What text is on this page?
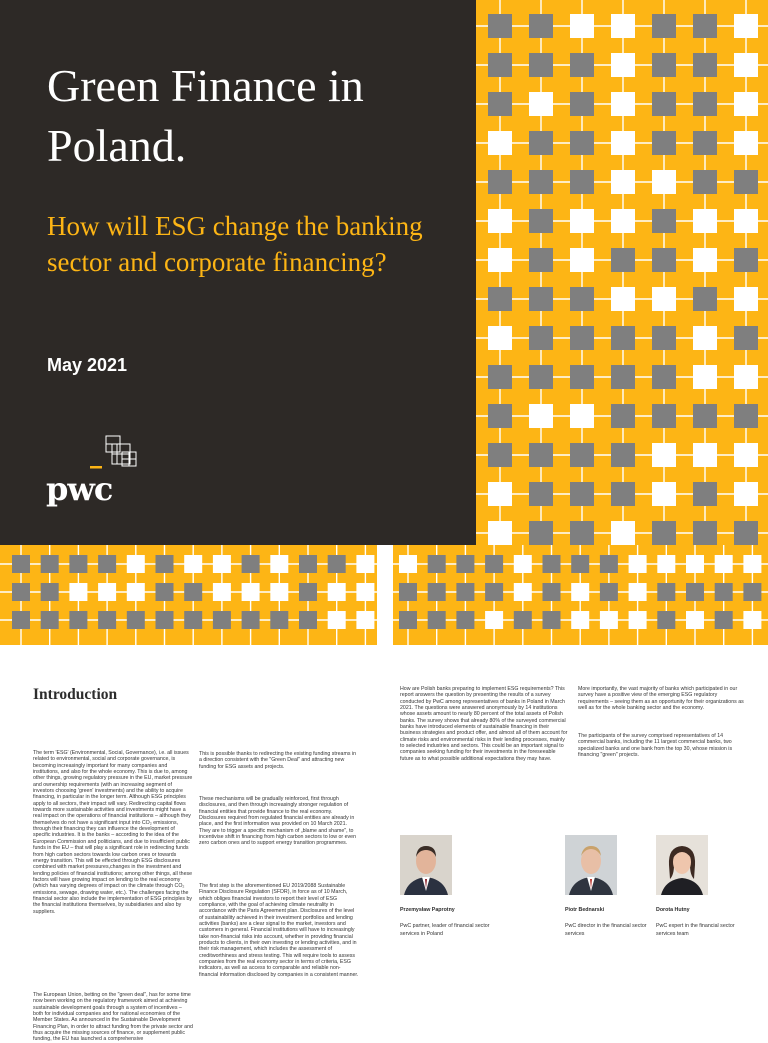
Green Finance in Poland.
How will ESG change the banking sector and corporate financing?
May 2021
pwc
Introduction

The term 'ESG' (Environmental, Social, Governance), i.e. all issues related to environmental, social and corporate governance, is becoming increasingly important for many companies and institutions, and also for the whole economy. This is due to, among other things, growing regulatory pressure in the EU, market pressure and ownership requirements (with an increasing segment of investors choosing 'green' investments) and the ability to acquire financing, in particular in the longer term. Although ESG principles apply to all sectors, their impact will vary. Redirecting capital flows towards more sustainable activities and investments might have a real impact on the operations of financial institutions – although they themselves do not have a significant input into CO₂ emissions, through their financing they can influence the development of specific industries. It is the banks – according to the idea of the European Commission and politicians, and due to insufficient public funds in the EU – that will play a significant role in redirecting funds from high carbon sectors towards low carbon ones or towards energy transition. This will be effected through ESG disclosures combined with market pressures,changes in the investment and lending policies of financial institutions; among other things, all these factors will have growing impact on lending to the real economy (which has varying degrees of impact on the climate through CO₂ emissions, sewage, drawing water, etc.). The challenges facing the financial sector also include the implementation of ESG principles by the financial institutions themselves, by subsidiaries and also by suppliers.

The European Union, betting on the "green deal", has for some time now been working on the regulatory framework aimed at achieving sustainable development goals through a system of incentives – both for individual companies and for national economies of the Member States. As announced in the Sustainable Development Financing Plan, in order to attract funding from the private sector and thus acquire the missing sources of finance, or supplement public funding, the EU has launched a comprehensive

This is possible thanks to redirecting the existing funding streams in a direction consistent with the "Green Deal" and attracting new funding for ESG assets and projects.

The first step is the aforementioned EU 2019/2088 Sustainable Finance Disclosure Regulation (SFDR), in force as of 10 March, which obliges financial investors to report their level of ESG compliance, with the goal of achieving climate neutrality in accordance with the Paris Agreement plan. Disclosures of the level of sustainability achieved in their investment portfolios and lending activities (banks) are a clear signal to the market, investors and customers in general. Financial institutions will have to increasingly take non-financial risks into account, whether in providing financial products to clients, in their own investing or lending activities, and in their risk management, which includes the assessment of creditworthiness and stress testing. This will require tools to assess companies from the real economy sector in terms of criteria, ESG indicators, as well as access to comparable and reliable non-financial information disclosed by companies in a consistent manner.

How are Polish banks preparing to implement ESG requirements? This report answers the question by presenting the results of a survey conducted by PwC among representatives of banks in Poland in March 2021. The questions were answered anonymously by 14 institutions whose assets amount to nearly 80 percent of the total assets of Polish banks. The survey shows that already 80% of the surveyed commercial banks have introduced elements of sustainable financing in their business strategies and product offer, and almost all of them account for climate risks and environmental risks in their lending processes, mainly to selected industries and sectors. This could be an important signal to companies seeking funding for their investments in the foreseeable future as to what possible additional expectations they may have.

More importantly, the vast majority of banks which participated in our survey have a positive view of the emerging ESG regulatory requirements – seeing them as an opportunity for their organizations as well as for the whole banking sector and the economy.

The participants of the survey comprised representatives of 14 commercial banks, including the 11 largest commercial banks, two specialized banks and one bank from the top 30, whose mission is financing "green" projects.

These mechanisms will be gradually reinforced, first through disclosures, and then through increasingly stronger regulation of financial entities that provide finance to the real economy. Disclosures required from regulated financial entities are already in place, and the first information was provided on 10 March 2021. They are to trigger a specific mechanism of „blame and shame", to incentivise shift in financing from high carbon sectors to low or even zero carbon ones and to support energy transition programmes.

Przemysław Paprotny
PwC partner, leader of financial sector services in Poland
Piotr Bednarski
PwC director in the financial sector services
Dorota Hutny
PwC expert in the financial sector services team
